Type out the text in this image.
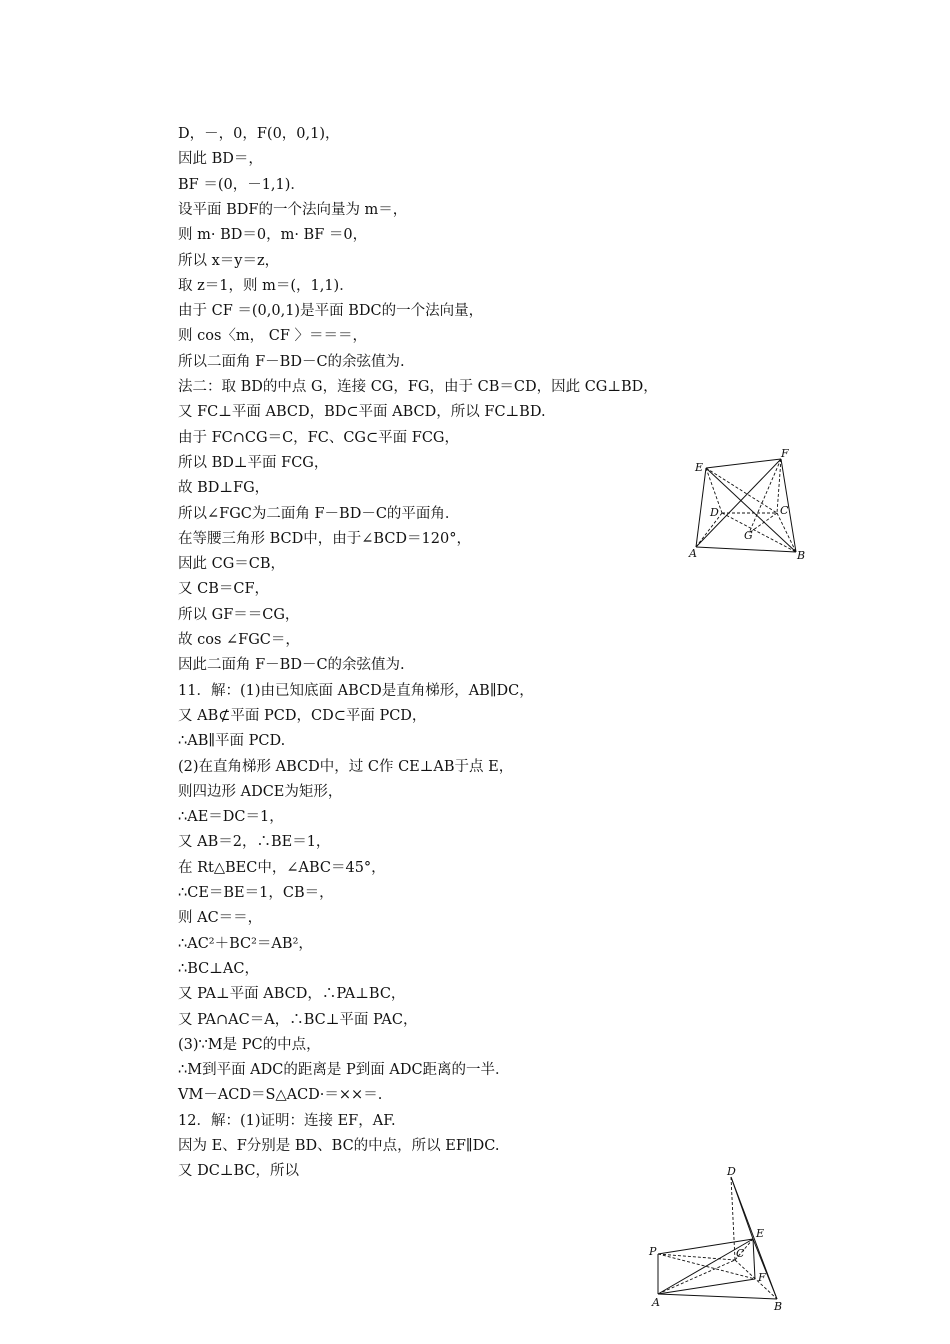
D，－，0，F(0，0,1)，
因此 BD＝，
BF ＝(0，－1,1)．
设平面 BDF的一个法向量为 m＝，
则 m· BD＝0，m· BF ＝0，
所以 x＝y＝z，
取 z＝1，则 m＝(，1,1)．
由于 CF ＝(0,0,1)是平面 BDC的一个法向量，
则 cos〈m， CF 〉＝＝＝，
所以二面角 F－BD－C的余弦值为.
法二：取 BD的中点 G，连接 CG，FG，由于 CB＝CD，因此 CG⊥BD，
又 FC⊥平面 ABCD，BD⊂平面 ABCD，所以 FC⊥BD.
由于 FC∩CG＝C，FC、CG⊂平面 FCG，
所以 BD⊥平面 FCG，
故 BD⊥FG，
所以∠FGC为二面角 F－BD－C的平面角．
在等腰三角形 BCD中，由于∠BCD＝120°，
因此 CG＝CB，
又 CB＝CF，
所以 GF＝＝CG，
故 cos ∠FGC＝，
因此二面角 F－BD－C的余弦值为.
11．解：(1)由已知底面 ABCD是直角梯形，AB∥DC，
又 AB⊄平面 PCD，CD⊂平面 PCD，
∴AB∥平面 PCD.
(2)在直角梯形 ABCD中，过 C作 CE⊥AB于点 E，
则四边形 ADCE为矩形，
∴AE＝DC＝1，
又 AB＝2，∴BE＝1，
在 Rt△BEC中，∠ABC＝45°，
∴CE＝BE＝1，CB＝，
则 AC＝＝，
∴AC²＋BC²＝AB²，
∴BC⊥AC，
又 PA⊥平面 ABCD，∴PA⊥BC，
又 PA∩AC＝A，∴BC⊥平面 PAC，
(3)∵M是 PC的中点，
∴M到平面 ADC的距离是 P到面 ADC距离的一半．
VM－ACD＝S△ACD·＝××＝.
12．解：(1)证明：连接 EF，AF.
因为 E、F分别是 BD、BC的中点，所以 EF∥DC.
又 DC⊥BC，所以
E
F
D	C
G
A	B
D
P
E
C
F
A	B
